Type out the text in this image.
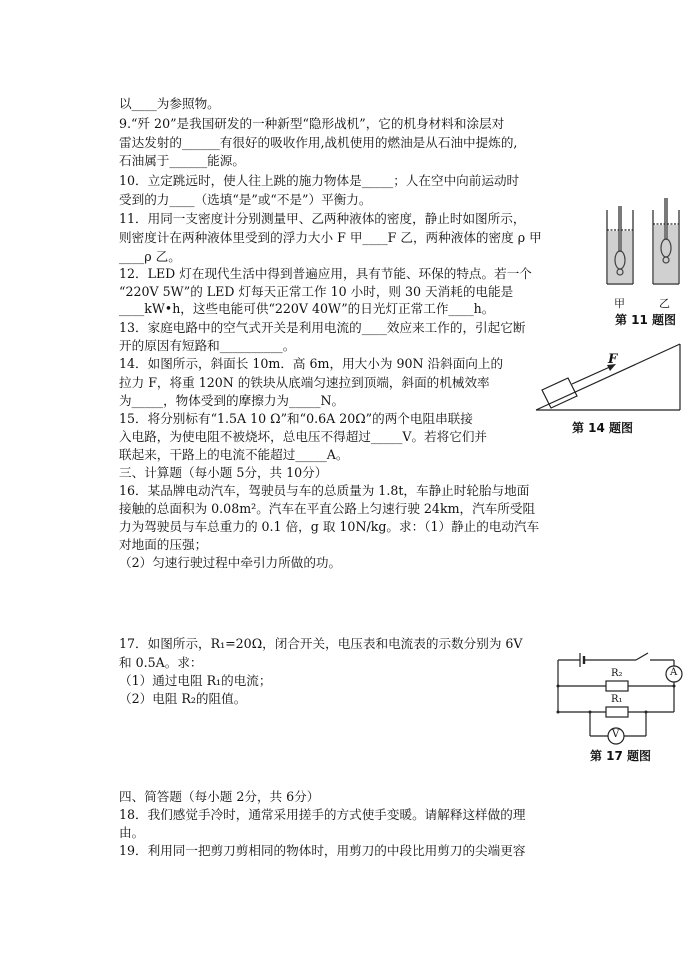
以____为参照物。
9.“歼 20”是我国研发的一种新型“隐形战机”，它的机身材料和涂层对
雷达发射的______有很好的吸收作用,战机使用的燃油是从石油中提炼的,
石油属于______能源。
10．立定跳远时，使人往上跳的施力物体是_____；人在空中向前运动时
受到的力____（选填“是”或“不是”）平衡力。
11．用同一支密度计分别测量甲、乙两种液体的密度，静止时如图所示，
则密度计在两种液体里受到的浮力大小 F 甲____F 乙，两种液体的密度 ρ 甲
____ρ 乙。
12．LED 灯在现代生活中得到普遍应用，具有节能、环保的特点。若一个
“220V 5W”的 LED 灯每天正常工作 10 小时，则 30 天消耗的电能是
____kW•h，这些电能可供“220V 40W”的日光灯正常工作____h。
13．家庭电路中的空气式开关是利用电流的____效应来工作的，引起它断
开的原因有短路和__________。
14．如图所示，斜面长 10m．高 6m，用大小为 90N 沿斜面向上的
拉力 F，将重 120N 的铁块从底端匀速拉到顶端，斜面的机械效率
为_____，物体受到的摩擦力为_____N。
15．将分别标有“1.5A 10 Ω”和“0.6A 20Ω”的两个电阻串联接
入电路，为使电阻不被烧坏，总电压不得超过_____V。若将它们并
联起来，干路上的电流不能超过_____A。
三、计算题（每小题 5分，共 10分）
16．某品牌电动汽车，驾驶员与车的总质量为 1.8t，车静止时轮胎与地面
接触的总面积为 0.08m²。汽车在平直公路上匀速行驶 24km，汽车所受阻
力为驾驶员与车总重力的 0.1 倍，g 取 10N/kg。求：（1）静止的电动汽车
对地面的压强；
（2）匀速行驶过程中牵引力所做的功。
17．如图所示，R₁=20Ω，闭合开关，电压表和电流表的示数分别为 6V
和 0.5A。求：
（1）通过电阻 R₁的电流；
（2）电阻 R₂的阻值。
四、简答题（每小题 2分，共 6分）
18．我们感觉手冷时，通常采用搓手的方式使手变暖。请解释这样做的理
由。
19．利用同一把剪刀剪相同的物体时，用剪刀的中段比用剪刀的尖端更容
甲	乙
第 11 题图
F
第 14 题图
R₂
R₁
A
V
第 17 题图
